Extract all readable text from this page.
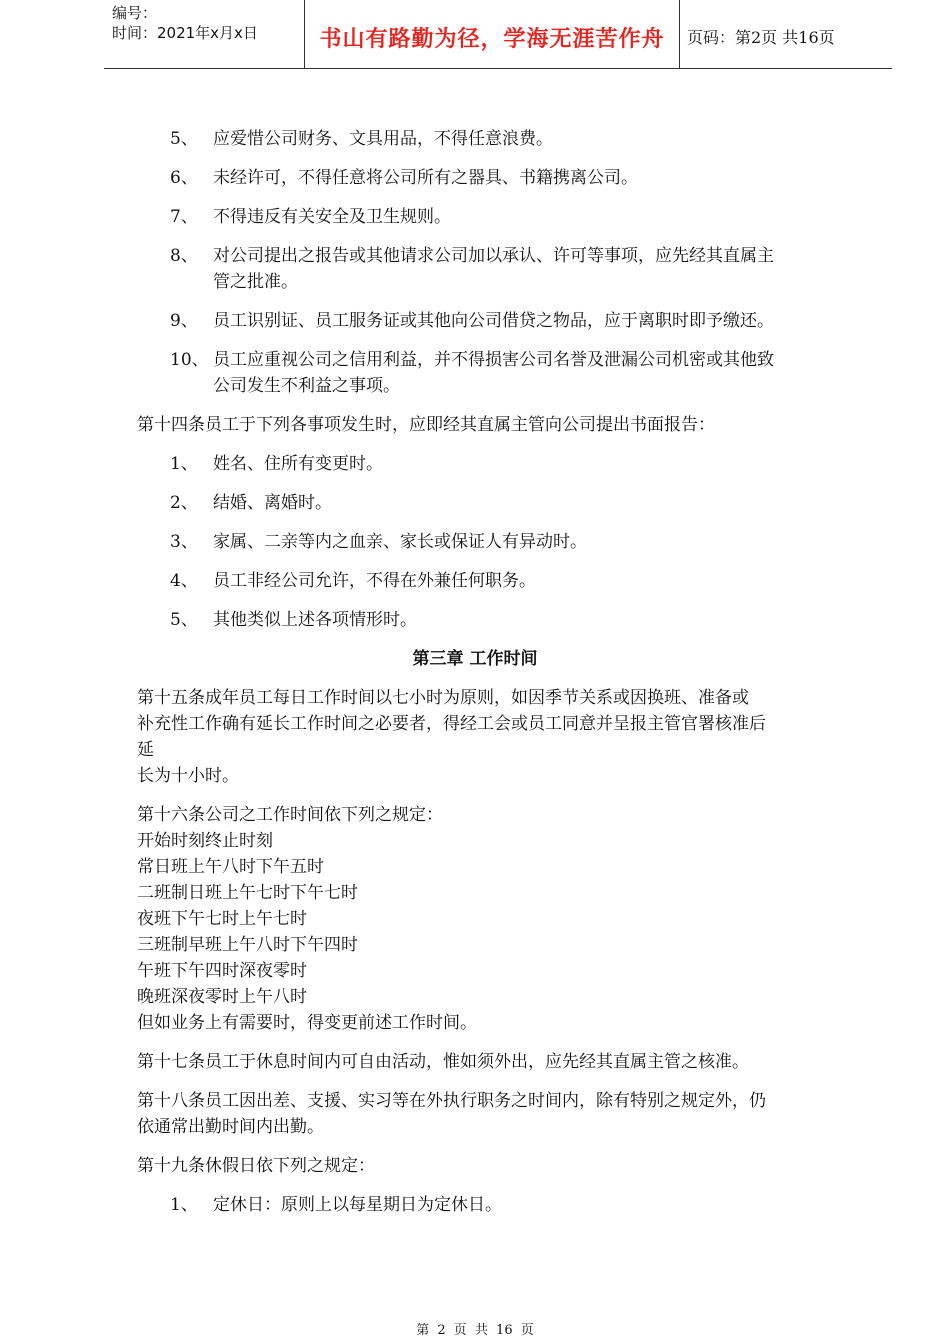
编号：
时间：2021年x月x日	书山有路勤为径，学海无涯苦作舟	页码：第2页 共16页
5、 应爱惜公司财务、文具用品，不得任意浪费。
6、 未经许可，不得任意将公司所有之器具、书籍携离公司。
7、 不得违反有关安全及卫生规则。
8、 对公司提出之报告或其他请求公司加以承认、许可等事项，应先经其直属主
管之批准。
9、 员工识别证、员工服务证或其他向公司借贷之物品，应于离职时即予缴还。
10、 员工应重视公司之信用利益，并不得损害公司名誉及泄漏公司机密或其他致
公司发生不利益之事项。
第十四条员工于下列各事项发生时，应即经其直属主管向公司提出书面报告：
1、 姓名、住所有变更时。
2、 结婚、离婚时。
3、 家属、二亲等内之血亲、家长或保证人有异动时。
4、 员工非经公司允许，不得在外兼任何职务。
5、 其他类似上述各项情形时。
第三章 工作时间
第十五条成年员工每日工作时间以七小时为原则，如因季节关系或因换班、准备或
补充性工作确有延长工作时间之必要者，得经工会或员工同意并呈报主管官署核准后
延
长为十小时。
第十六条公司之工作时间依下列之规定：
开始时刻终止时刻
常日班上午八时下午五时
二班制日班上午七时下午七时
夜班下午七时上午七时
三班制早班上午八时下午四时
午班下午四时深夜零时
晚班深夜零时上午八时
但如业务上有需要时，得变更前述工作时间。
第十七条员工于休息时间内可自由活动，惟如须外出，应先经其直属主管之核准。
第十八条员工因出差、支援、实习等在外执行职务之时间内，除有特别之规定外，仍
依通常出勤时间内出勤。
第十九条休假日依下列之规定：
1、 定休日：原则上以每星期日为定休日。
第 2 页 共 16 页
